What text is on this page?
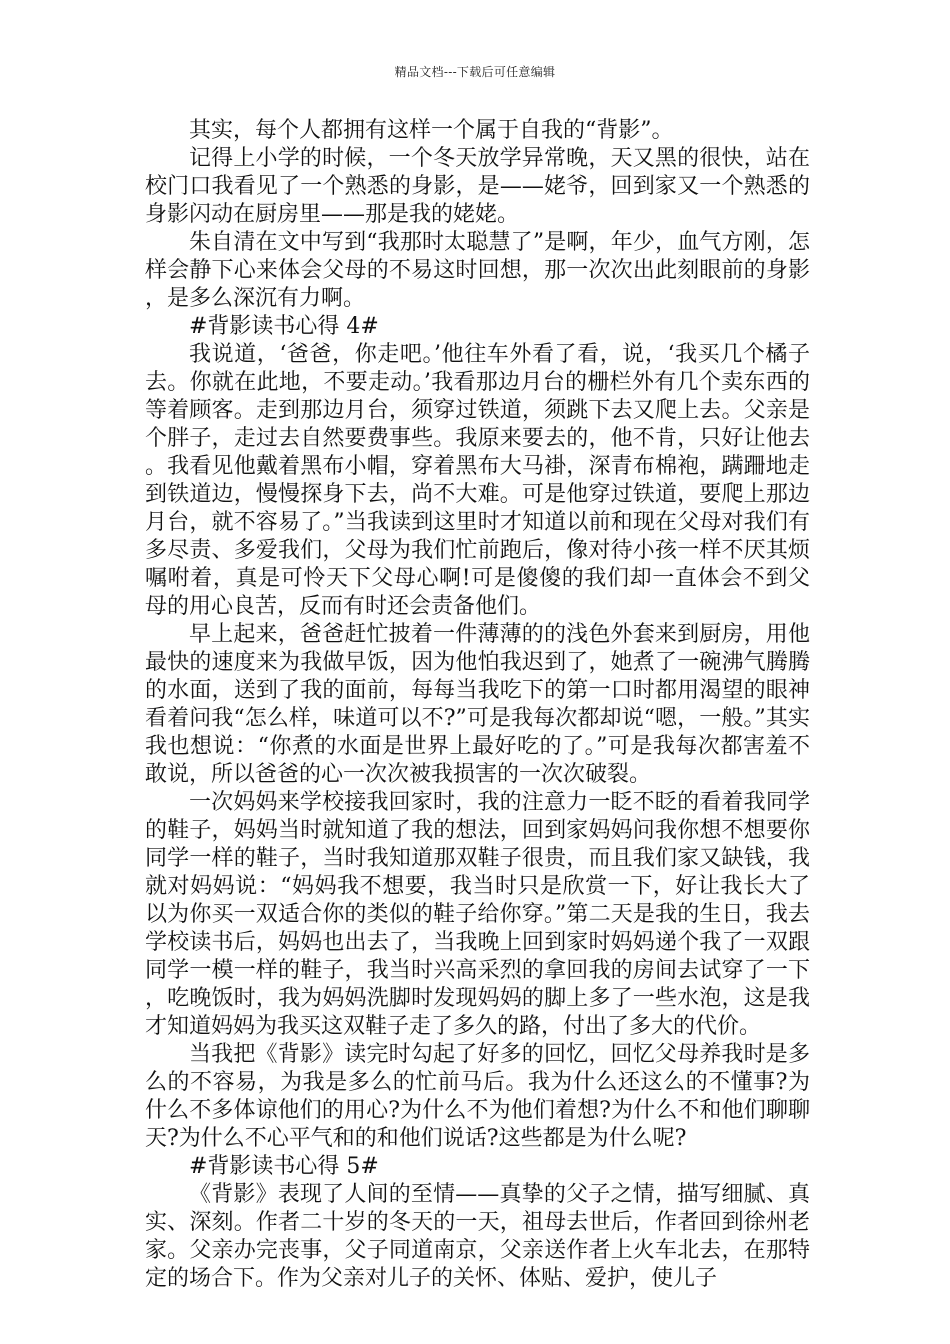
精品文档---下载后可任意编辑

其实，每个人都拥有这样一个属于自我的“背影”。

记得上小学的时候，一个冬天放学异常晚，天又黑的很快，站在校门口我看见了一个熟悉的身影，是——姥爷，回到家又一个熟悉的身影闪动在厨房里——那是我的姥姥。

朱自清在文中写到“我那时太聪慧了”是啊，年少，血气方刚，怎样会静下心来体会父母的不易这时回想，那一次次出此刻眼前的身影，是多么深沉有力啊。

#背影读书心得 4#

我说道，‘爸爸，你走吧。’他往车外看了看，说，‘我买几个橘子去。你就在此地，不要走动。’我看那边月台的栅栏外有几个卖东西的等着顾客。走到那边月台，须穿过铁道，须跳下去又爬上去。父亲是个胖子，走过去自然要费事些。我原来要去的，他不肯，只好让他去。我看见他戴着黑布小帽，穿着黑布大马褂，深青布棉袍，蹒跚地走到铁道边，慢慢探身下去，尚不大难。可是他穿过铁道，要爬上那边月台，就不容易了。”当我读到这里时才知道以前和现在父母对我们有多尽责、多爱我们，父母为我们忙前跑后，像对待小孩一样不厌其烦嘱咐着，真是可怜天下父母心啊!可是傻傻的我们却一直体会不到父母的用心良苦，反而有时还会责备他们。

早上起来，爸爸赶忙披着一件薄薄的的浅色外套来到厨房，用他最快的速度来为我做早饭，因为他怕我迟到了，她煮了一碗沸气腾腾的水面，送到了我的面前，每每当我吃下的第一口时都用渴望的眼神看着问我“怎么样，味道可以不?”可是我每次都却说“嗯，一般。”其实我也想说：“你煮的水面是世界上最好吃的了。”可是我每次都害羞不敢说，所以爸爸的心一次次被我损害的一次次破裂。

一次妈妈来学校接我回家时，我的注意力一眨不眨的看着我同学的鞋子，妈妈当时就知道了我的想法，回到家妈妈问我你想不想要你同学一样的鞋子，当时我知道那双鞋子很贵，而且我们家又缺钱，我就对妈妈说：“妈妈我不想要，我当时只是欣赏一下，好让我长大了以为你买一双适合你的类似的鞋子给你穿。”第二天是我的生日，我去学校读书后，妈妈也出去了，当我晚上回到家时妈妈递个我了一双跟同学一模一样的鞋子，我当时兴高采烈的拿回我的房间去试穿了一下，吃晚饭时，我为妈妈洗脚时发现妈妈的脚上多了一些水泡，这是我才知道妈妈为我买这双鞋子走了多久的路，付出了多大的代价。

当我把《背影》读完时勾起了好多的回忆，回忆父母养我时是多么的不容易，为我是多么的忙前马后。我为什么还这么的不懂事?为什么不多体谅他们的用心?为什么不为他们着想?为什么不和他们聊聊天?为什么不心平气和的和他们说话?这些都是为什么呢?

#背影读书心得 5#

《背影》表现了人间的至情——真挚的父子之情，描写细腻、真实、深刻。作者二十岁的冬天的一天，祖母去世后，作者回到徐州老家。父亲办完丧事，父子同道南京，父亲送作者上火车北去，在那特定的场合下。作为父亲对儿子的关怀、体贴、爱护，使儿子
